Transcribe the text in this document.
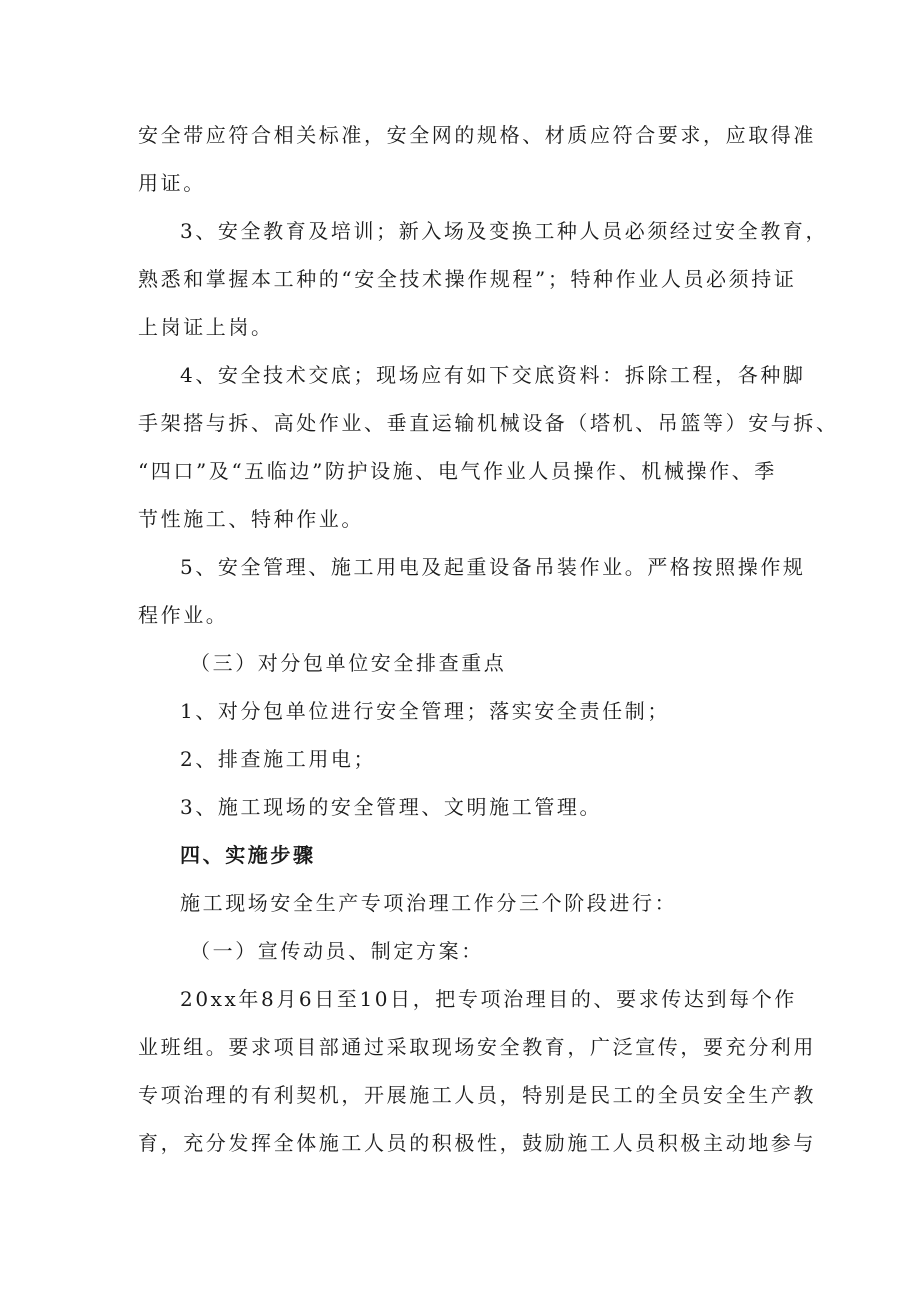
安全带应符合相关标准，安全网的规格、材质应符合要求，应取得准
用证。
3、安全教育及培训；新入场及变换工种人员必须经过安全教育，
熟悉和掌握本工种的“安全技术操作规程”；特种作业人员必须持证
上岗证上岗。
4、安全技术交底；现场应有如下交底资料：拆除工程，各种脚
手架搭与拆、高处作业、垂直运输机械设备（塔机、吊篮等）安与拆、
“四口”及“五临边”防护设施、电气作业人员操作、机械操作、季
节性施工、特种作业。
5、安全管理、施工用电及起重设备吊装作业。严格按照操作规
程作业。
（三）对分包单位安全排查重点
1、对分包单位进行安全管理；落实安全责任制；
2、排查施工用电；
3、施工现场的安全管理、文明施工管理。
四、实施步骤
施工现场安全生产专项治理工作分三个阶段进行：
（一）宣传动员、制定方案：
20xx年8月6日至10日，把专项治理目的、要求传达到每个作
业班组。要求项目部通过采取现场安全教育，广泛宣传，要充分利用
专项治理的有利契机，开展施工人员，特别是民工的全员安全生产教
育，充分发挥全体施工人员的积极性，鼓励施工人员积极主动地参与
